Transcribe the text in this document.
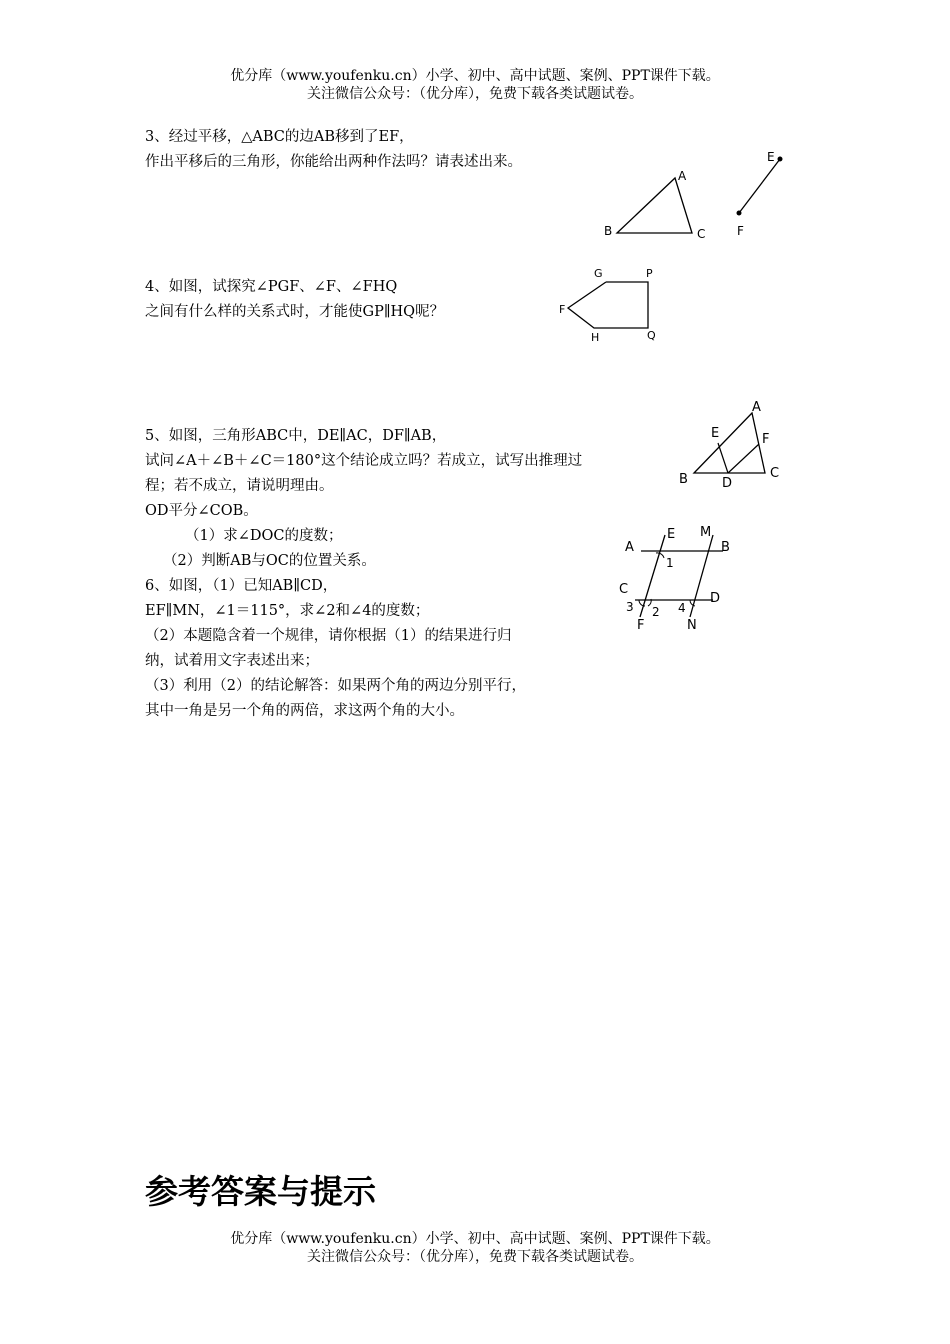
优分库（www.youfenku.cn）小学、初中、高中试题、案例、PPT课件下载。
关注微信公众号：（优分库），免费下载各类试题试卷。
3、经过平移，△ABC的边AB移到了EF，
作出平移后的三角形，你能给出两种作法吗？请表述出来。
A
B	C
E
F
4、如图，试探究∠PGF、∠F、∠FHQ
之间有什么样的关系式时，才能使GP∥HQ呢？
G	P
F
H	Q
5、如图，三角形ABC中，DE∥AC，DF∥AB，
试问∠A＋∠B＋∠C＝180°这个结论成立吗？若成立，试写出推理过
程；若不成立，请说明理由。
OD平分∠COB。
（1）求∠DOC的度数；
（2）判断AB与OC的位置关系。
A
B	C
D
E	F
6、如图，（1）已知AB∥CD，
EF∥MN，∠1＝115°，求∠2和∠4的度数；
（2）本题隐含着一个规律，请你根据（1）的结果进行归
纳，试着用文字表述出来；
（3）利用（2）的结论解答：如果两个角的两边分别平行，
其中一角是另一个角的两倍，求这两个角的大小。
A	B
E M
C
D
F	N
1
2
3	4
参考答案与提示
优分库（www.youfenku.cn）小学、初中、高中试题、案例、PPT课件下载。
关注微信公众号：（优分库），免费下载各类试题试卷。
